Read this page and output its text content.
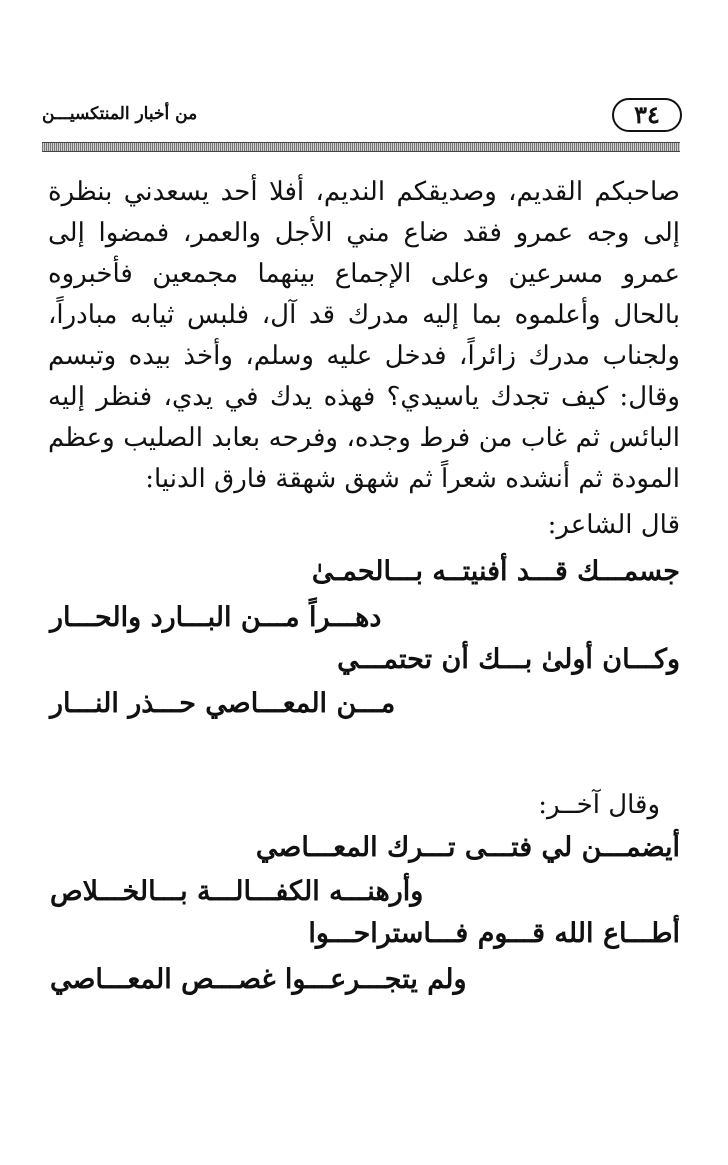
٣٤
من أخبار المنتكسيـــن

صاحبكم القديم، وصديقكم النديم، أفلا أحد يسعدني بنظرة إلى وجه عمرو فقد ضاع مني الأجل والعمر، فمضوا إلى عمرو مسرعين وعلى الإجماع بينهما مجمعين فأخبروه بالحال وأعلموه بما إليه مدرك قد آل، فلبس ثيابه مبادراً، ولجناب مدرك زائراً، فدخل عليه وسلم، وأخذ بيده وتبسم وقال: كيف تجدك ياسيدي؟ فهذه يدك في يدي، فنظر إليه البائس ثم غاب من فرط وجده، وفرحه بعابد الصليب وعظم المودة ثم أنشده شعراً ثم شهق شهقة فارق الدنيا:

قال الشاعر:
جسمـــك قـــد أفنيتــه بـــالحمـىٰ
دهـــراً مـــن البـــارد والحـــار
وكـــان أولىٰ بـــك أن تحتمـــي
مـــن المعـــاصي حـــذر النـــار
وقال آخــر:
أيضمـــن لي فتـــى تـــرك المعـــاصي
وأرهنـــه الكفـــالـــة بـــالخـــلاص
أطـــاع الله قـــوم فـــاستراحـــوا
ولم يتجـــرعـــوا غصـــص المعـــاصي
